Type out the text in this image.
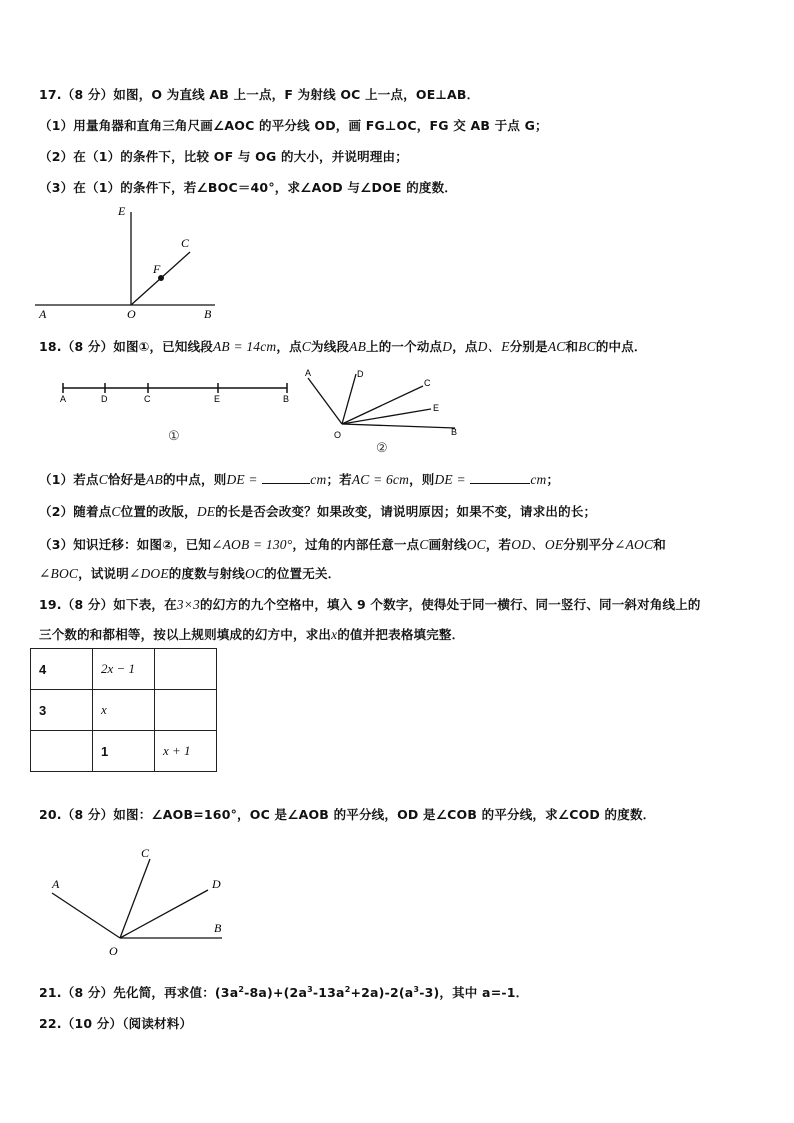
17.（8 分）如图，O 为直线 AB 上一点，F 为射线 OC 上一点，OE⊥AB．
（1）用量角器和直角三角尺画∠AOC 的平分线 OD，画 FG⊥OC，FG 交 AB 于点 G；
（2）在（1）的条件下，比较 OF 与 OG 的大小，并说明理由；
（3）在（1）的条件下，若∠BOC＝40°，求∠AOD 与∠DOE 的度数．
E
C
F
A	O	B
18.（8 分）如图①，已知线段AB = 14cm，点C为线段AB上的一个动点D，点D、E分别是AC和BC的中点．
A	D	C	E	B
①
A	D
C
E
B
O
②
（1）若点C恰好是AB的中点，则DE =	cm；若AC = 6cm，则DE =	cm；
（2）随着点C位置的改版，DE的长是否会改变？如果改变，请说明原因；如果不变，请求出的长；
（3）知识迁移：如图②，已知∠AOB = 130°，过角的内部任意一点C画射线OC，若OD、OE分别平分∠AOC和
∠BOC，试说明∠DOE的度数与射线OC的位置无关．
19.（8 分）如下表，在3×3的幻方的九个空格中，填入 9 个数字，使得处于同一横行、同一竖行、同一斜对角线上的
三个数的和都相等，按以上规则填成的幻方中，求出x的值并把表格填完整．
4	2x − 1	
3	x	
	1	x + 1
20.（8 分）如图：∠AOB=160°，OC 是∠AOB 的平分线，OD 是∠COB 的平分线，求∠COD 的度数．
A
C
D
B
O
21.（8 分）先化简，再求值：$(3a^2-8a)+(2a^3-13a^2+2a)-2(a^3-3)$，其中 a=-1．
22.（10 分）（阅读材料）
